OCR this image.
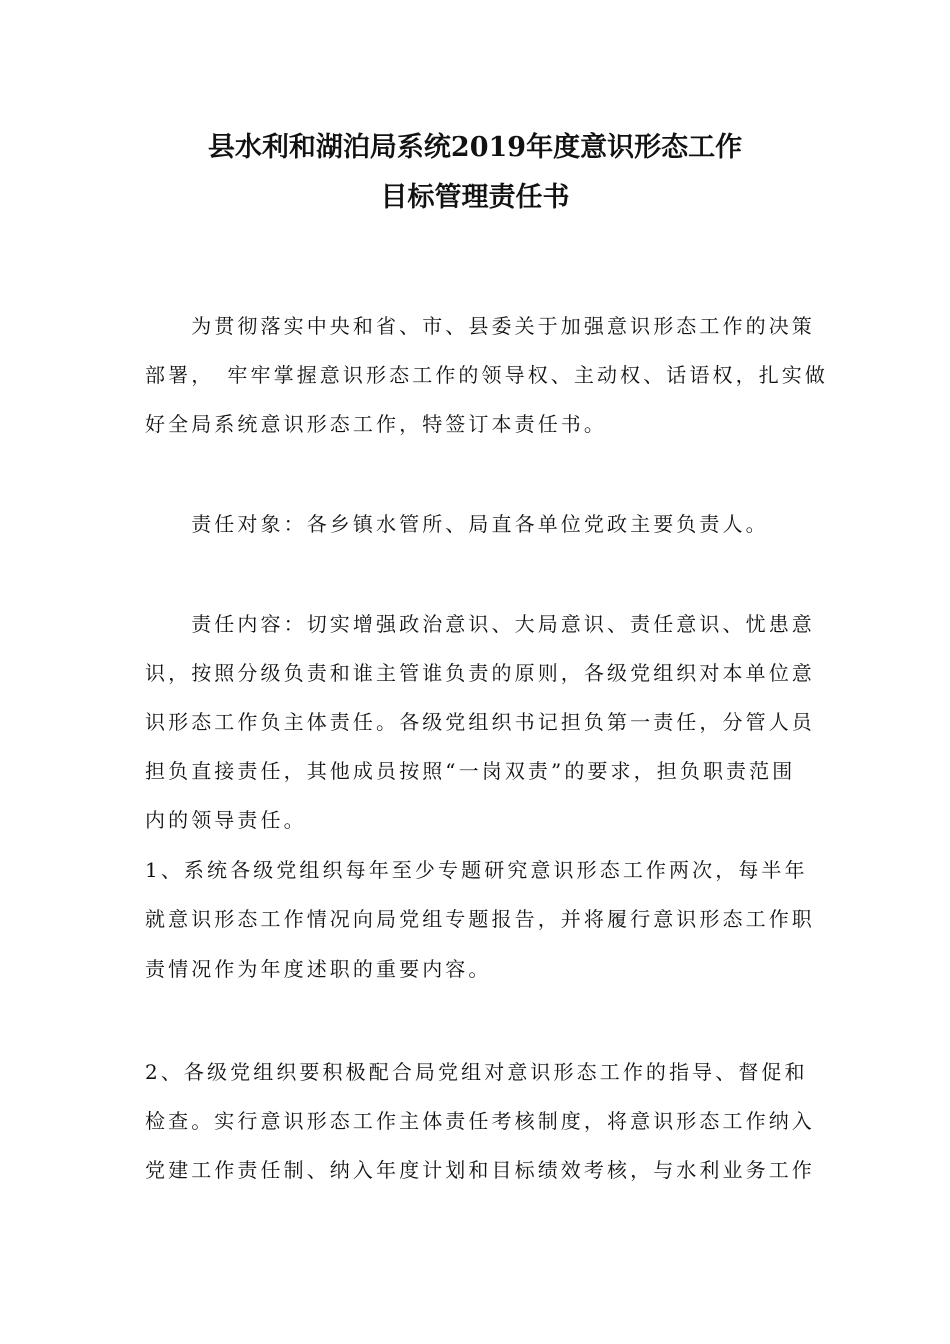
县水利和湖泊局系统2019年度意识形态工作
目标管理责任书
　　为贯彻落实中央和省、市、县委关于加强意识形态工作的决策
部署，　牢牢掌握意识形态工作的领导权、主动权、话语权，扎实做
好全局系统意识形态工作，特签订本责任书。
　　责任对象：各乡镇水管所、局直各单位党政主要负责人。
　　责任内容：切实增强政治意识、大局意识、责任意识、忧患意
识，按照分级负责和谁主管谁负责的原则，各级党组织对本单位意
识形态工作负主体责任。各级党组织书记担负第一责任，分管人员
担负直接责任，其他成员按照“一岗双责”的要求，担负职责范围
内的领导责任。
1、系统各级党组织每年至少专题研究意识形态工作两次，每半年
就意识形态工作情况向局党组专题报告，并将履行意识形态工作职
责情况作为年度述职的重要内容。
2、各级党组织要积极配合局党组对意识形态工作的指导、督促和
检查。实行意识形态工作主体责任考核制度，将意识形态工作纳入
党建工作责任制、纳入年度计划和目标绩效考核，与水利业务工作
